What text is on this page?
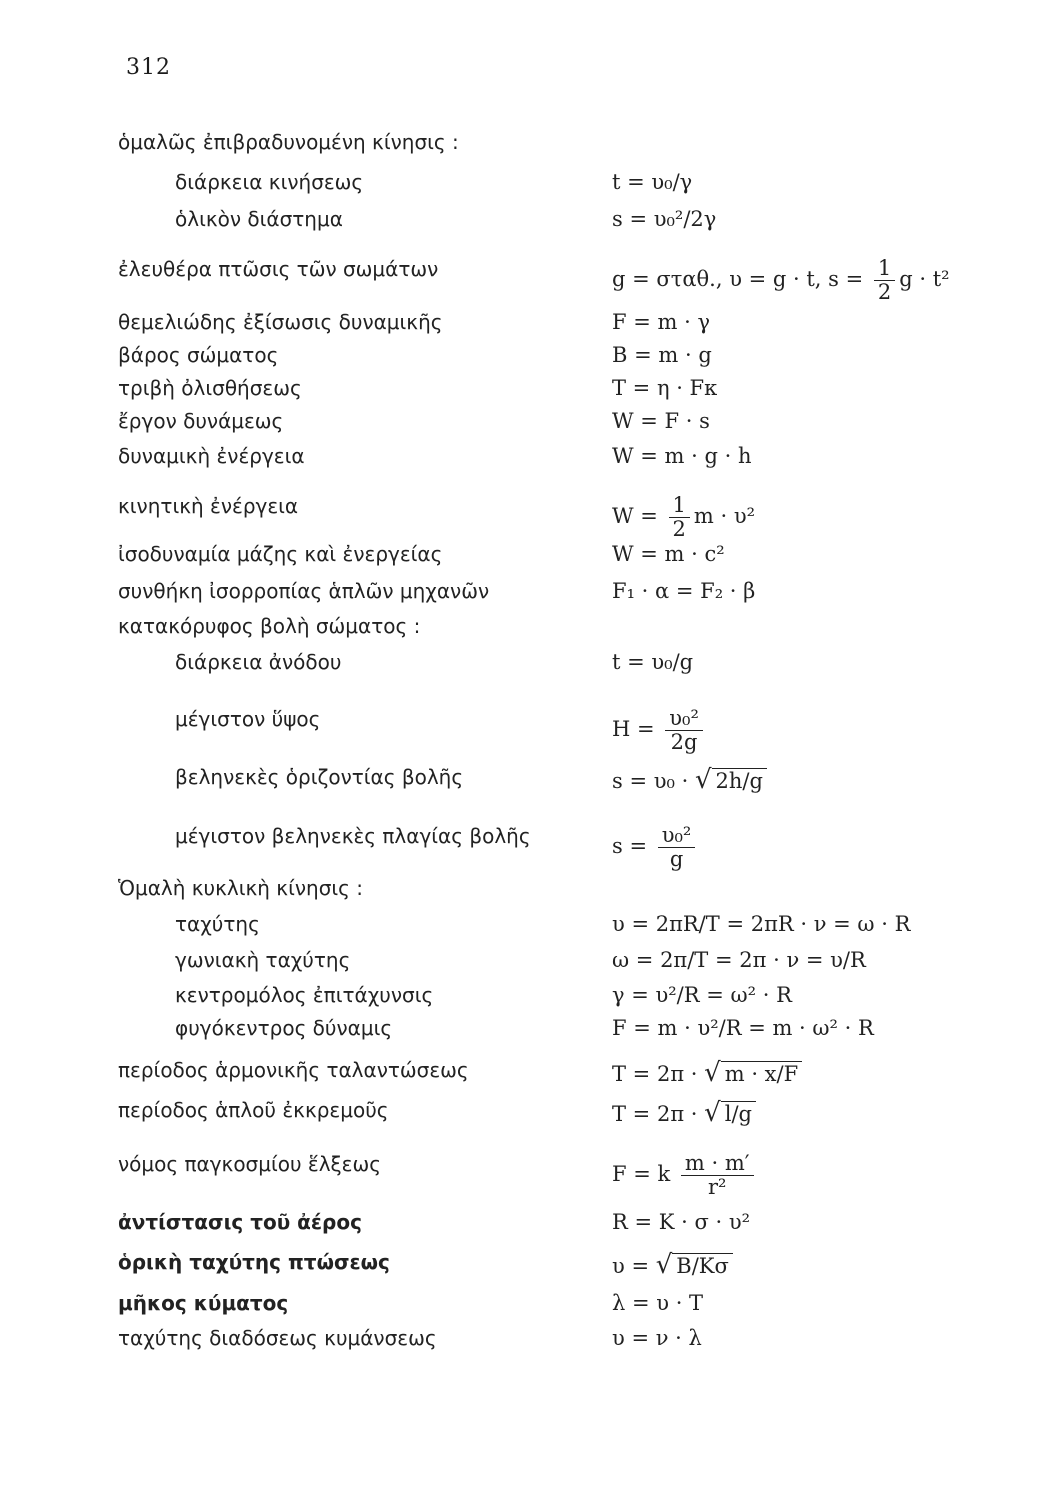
312
ὁμαλῶς ἐπιβραδυνομένη κίνησις :
διάρκεια κινήσεως	t = υ₀/γ
ὁλικὸν διάστημα	s = υ₀²/2γ
ἐλευθέρα πτῶσις τῶν σωμάτων	g = σταθ., υ = g · t, $s = \frac{1}{2}$ g · t²
θεμελιώδης ἐξίσωσις δυναμικῆς	F = m · γ
βάρος σώματος	B = m · g
τριβὴ ὀλισθήσεως	T = η · Fκ
ἔργον δυνάμεως	W = F · s
δυναμικὴ ἐνέργεια	W = m · g · h
κινητικὴ ἐνέργεια	$W = \frac{1}{2}$ m · υ²
ἰσοδυναμία μάζης καὶ ἐνεργείας	W = m · c²
συνθήκη ἰσορροπίας ἁπλῶν μηχανῶν	F₁ · α = F₂ · β
κατακόρυφος βολὴ σώματος :
διάρκεια ἀνόδου	t = υ₀/g
μέγιστον ὕψος	$H = \frac{\text{υ₀²}}{2g}$
βεληνεκὲς ὁριζοντίας βολῆς	s = υ₀ · √ 2h/g
μέγιστον βεληνεκὲς πλαγίας βολῆς	$s = \frac{\text{υ₀²}}{g}$
Ὁμαλὴ κυκλικὴ κίνησις :
ταχύτης	υ = 2πR/T = 2πR · ν = ω · R
γωνιακὴ ταχύτης	ω = 2π/T = 2π · ν = υ/R
κεντρομόλος ἐπιτάχυνσις	γ = υ²/R = ω² · R
φυγόκεντρος δύναμις	F = m · υ²/R = m · ω² · R
περίοδος ἁρμονικῆς ταλαντώσεως	T = 2π · √ m · x/F
περίοδος ἁπλοῦ ἐκκρεμοῦς	T = 2π · √ l/g
νόμος παγκοσμίου ἕλξεως	F = k $\frac{m \cdot m'}{\text{r²}}$
ἀντίστασις τοῦ ἀέρος	R = K · σ · υ²
ὁρικὴ ταχύτης πτώσεως	υ = √ B/Kσ
μῆκος κύματος	λ = υ · T
ταχύτης διαδόσεως κυμάνσεως	υ = ν · λ
